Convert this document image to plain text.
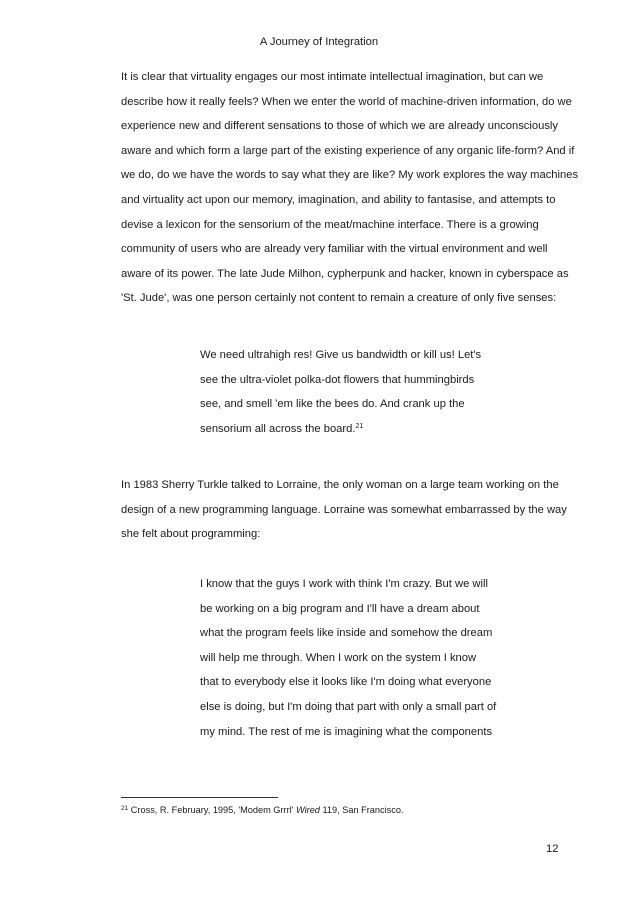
A Journey of Integration

It is clear that virtuality engages our most intimate intellectual imagination, but can we
describe how it really feels? When we enter the world of machine-driven information, do we
experience new and different sensations to those of which we are already unconsciously
aware and which form a large part of the existing experience of any organic life-form? And if
we do, do we have the words to say what they are like? My work explores the way machines
and virtuality act upon our memory, imagination, and ability to fantasise, and attempts to
devise a lexicon for the sensorium of the meat/machine interface. There is a growing
community of users who are already very familiar with the virtual environment and well
aware of its power. The late Jude Milhon, cypherpunk and hacker, known in cyberspace as
'St. Jude', was one person certainly not content to remain a creature of only five senses:

We need ultrahigh res! Give us bandwidth or kill us! Let's
see the ultra-violet polka-dot flowers that hummingbirds
see, and smell 'em like the bees do. And crank up the
sensorium all across the board.$^{21}$

In 1983 Sherry Turkle talked to Lorraine, the only woman on a large team working on the
design of a new programming language. Lorraine was somewhat embarrassed by the way
she felt about programming:

I know that the guys I work with think I'm crazy. But we will
be working on a big program and I'll have a dream about
what the program feels like inside and somehow the dream
will help me through. When I work on the system I know
that to everybody else it looks like I'm doing what everyone
else is doing, but I'm doing that part with only a small part of
my mind. The rest of me is imagining what the components

$^{21}$ Cross, R. February, 1995, 'Modem Grrrl' Wired 119, San Francisco.
12
